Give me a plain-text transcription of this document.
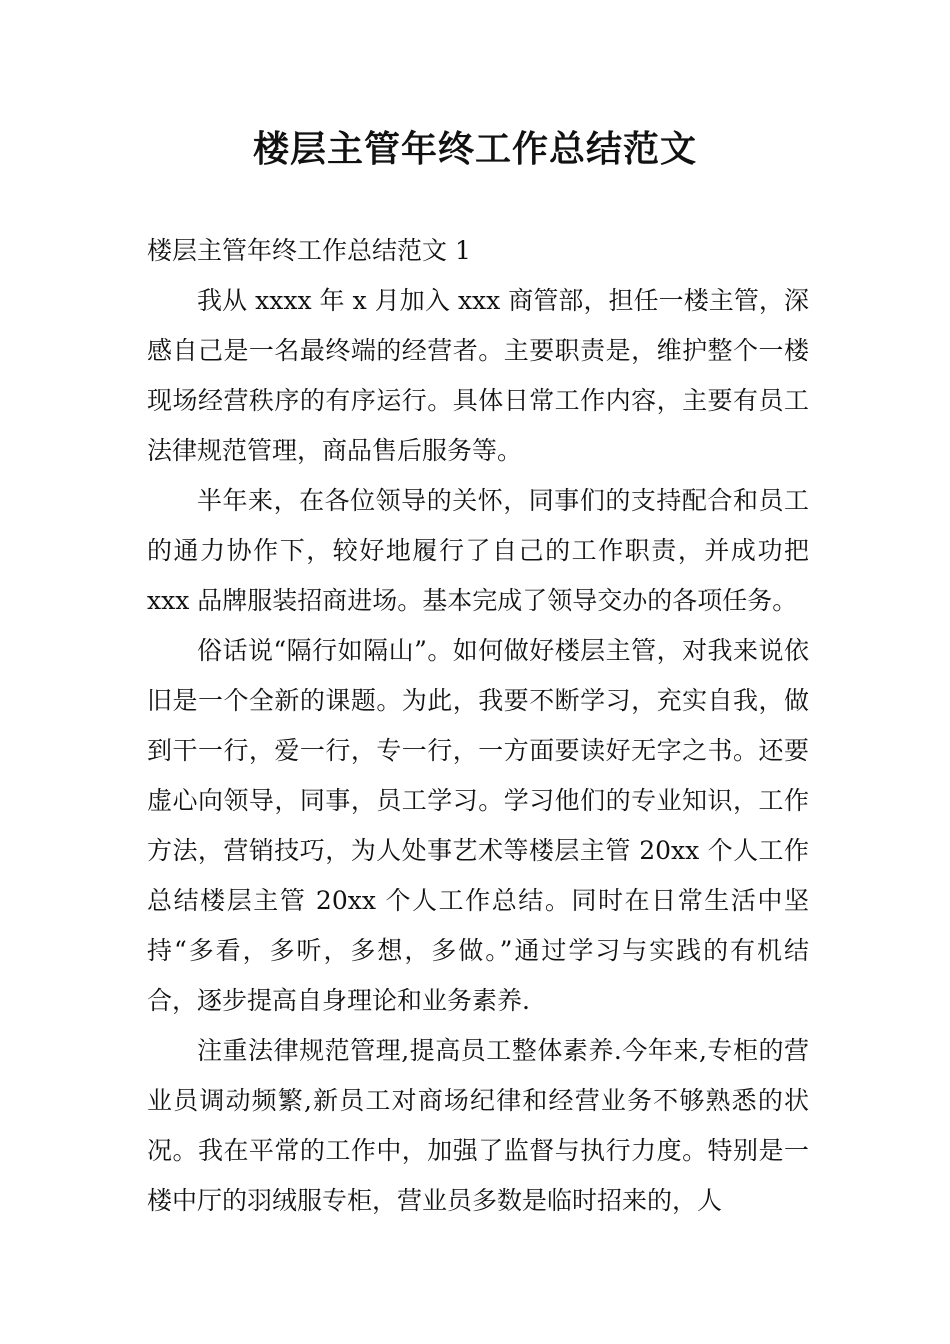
楼层主管年终工作总结范文

楼层主管年终工作总结范文 1

我从 xxxx 年 x 月加入 xxx 商管部，担任一楼主管，深感自己是一名最终端的经营者。主要职责是，维护整个一楼现场经营秩序的有序运行。具体日常工作内容，主要有员工法律规范管理，商品售后服务等。

半年来，在各位领导的关怀，同事们的支持配合和员工的通力协作下，较好地履行了自己的工作职责，并成功把 xxx 品牌服装招商进场。基本完成了领导交办的各项任务。

俗话说“隔行如隔山”。如何做好楼层主管，对我来说依旧是一个全新的课题。为此，我要不断学习，充实自我，做到干一行，爱一行，专一行，一方面要读好无字之书。还要虚心向领导，同事，员工学习。学习他们的专业知识，工作方法，营销技巧，为人处事艺术等楼层主管 20xx 个人工作总结楼层主管 20xx 个人工作总结。同时在日常生活中坚持“多看，多听，多想，多做。”通过学习与实践的有机结合，逐步提高自身理论和业务素养.

注重法律规范管理,提高员工整体素养.今年来,专柜的营业员调动频繁,新员工对商场纪律和经营业务不够熟悉的状况。我在平常的工作中，加强了监督与执行力度。特别是一楼中厅的羽绒服专柜，营业员多数是临时招来的，人
